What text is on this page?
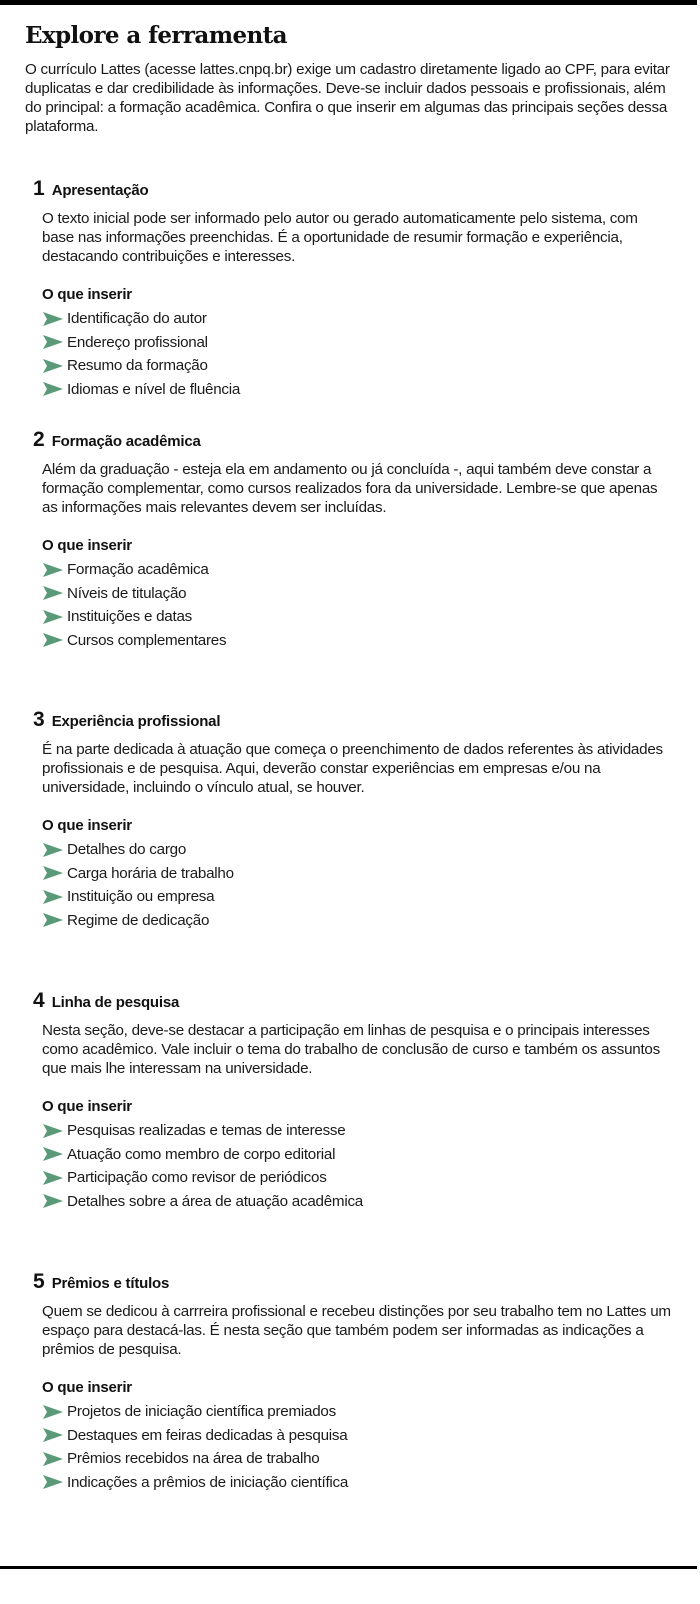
Explore a ferramenta

O currículo Lattes (acesse lattes.cnpq.br) exige um cadastro diretamente ligado ao CPF, para evitar duplicatas e dar credibilidade às informações. Deve-se incluir dados pessoais e profissionais, além do principal: a formação acadêmica. Confira o que inserir em algumas das principais seções dessa plataforma.

1 Apresentação

O texto inicial pode ser informado pelo autor ou gerado automaticamente pelo sistema, com base nas informações preenchidas. É a oportunidade de resumir formação e experiência, destacando contribuições e interesses.

O que inserir
Identificação do autor
Endereço profissional
Resumo da formação
Idiomas e nível de fluência
2 Formação acadêmica

Além da graduação - esteja ela em andamento ou já concluída -, aqui também deve constar a formação complementar, como cursos realizados fora da universidade. Lembre-se que apenas as informações mais relevantes devem ser incluídas.

O que inserir
Formação acadêmica
Níveis de titulação
Instituições e datas
Cursos complementares
3 Experiência profissional

É na parte dedicada à atuação que começa o preenchimento de dados referentes às atividades profissionais e de pesquisa. Aqui, deverão constar experiências em empresas e/ou na universidade, incluindo o vínculo atual, se houver.

O que inserir
Detalhes do cargo
Carga horária de trabalho
Instituição ou empresa
Regime de dedicação
4 Linha de pesquisa

Nesta seção, deve-se destacar a participação em linhas de pesquisa e o principais interesses como acadêmico. Vale incluir o tema do trabalho de conclusão de curso e também os assuntos que mais lhe interessam na universidade.

O que inserir
Pesquisas realizadas e temas de interesse
Atuação como membro de corpo editorial
Participação como revisor de periódicos
Detalhes sobre a área de atuação acadêmica
5 Prêmios e títulos

Quem se dedicou à carrreira profissional e recebeu distinções por seu trabalho tem no Lattes um espaço para destacá-las. É nesta seção que também podem ser informadas as indicações a prêmios de pesquisa.

O que inserir
Projetos de iniciação científica premiados
Destaques em feiras dedicadas à pesquisa
Prêmios recebidos na área de trabalho
Indicações a prêmios de iniciação científica
